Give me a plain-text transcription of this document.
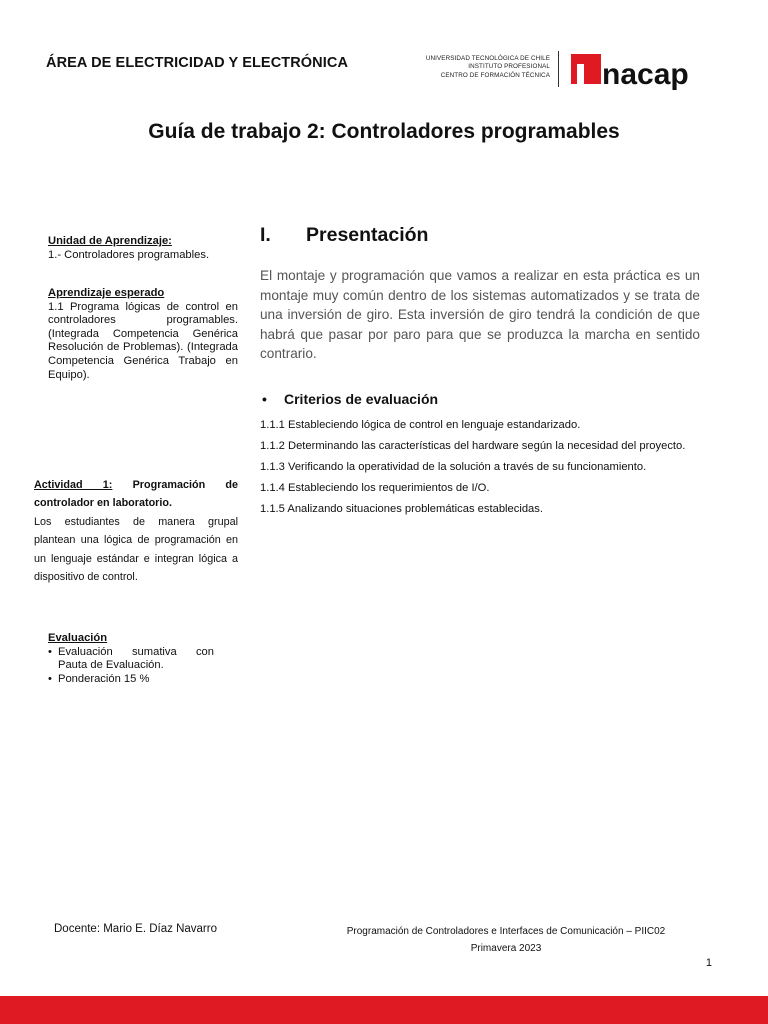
ÁREA DE ELECTRICIDAD Y ELECTRÓNICA	UNIVERSIDAD TECNOLÓGICA DE CHILE
INSTITUTO PROFESIONAL
CENTRO DE FORMACIÓN TÉCNICA nacap
Guía de trabajo 2: Controladores programables
Unidad de Aprendizaje:
1.- Controladores programables.
Aprendizaje esperado
1.1 Programa lógicas de control en controladores programables. (Integrada Competencia Genérica Resolución de Problemas). (Integrada Competencia Genérica Trabajo en Equipo).
Actividad 1: Programación de controlador en laboratorio.
Los estudiantes de manera grupal plantean una lógica de programación en un lenguaje estándar e integran lógica a dispositivo de control.
Evaluación
• Evaluación sumativa con Pauta de Evaluación.
• Ponderación 15 %
I. Presentación
El montaje y programación que vamos a realizar en esta práctica es un montaje muy común dentro de los sistemas automatizados y se trata de una inversión de giro. Esta inversión de giro tendrá la condición de que habrá que pasar por paro para que se produzca la marcha en sentido contrario.
• Criterios de evaluación

1.1.1 Estableciendo lógica de control en lenguaje estandarizado.

1.1.2 Determinando las características del hardware según la necesidad del proyecto.

1.1.3 Verificando la operatividad de la solución a través de su funcionamiento.

1.1.4 Estableciendo los requerimientos de I/O.

1.1.5 Analizando situaciones problemáticas establecidas.

Docente: Mario E. Díaz Navarro	Programación de Controladores e Interfaces de Comunicación – PIIC02
Primavera 2023
1
